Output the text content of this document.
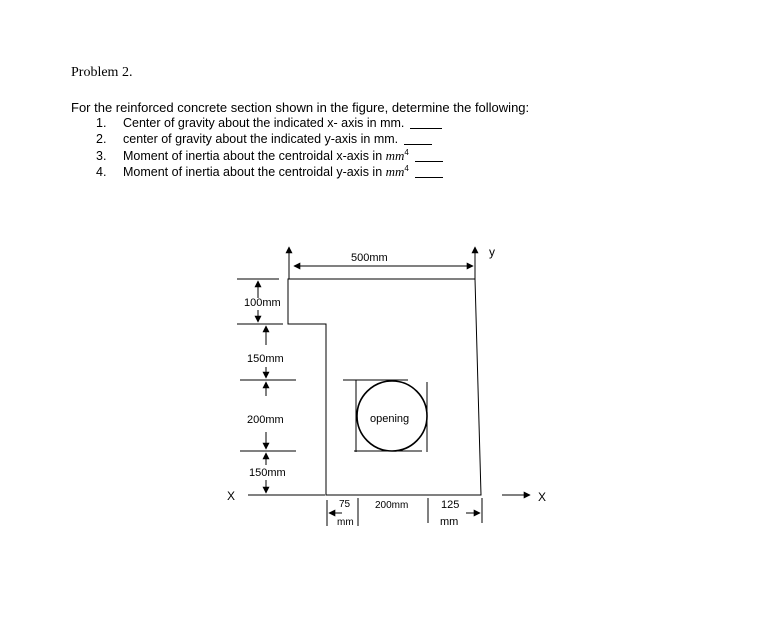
Problem 2.
For the reinforced concrete section shown in the figure, determine the following:
1. Center of gravity about the indicated x- axis in mm.
2. center of gravity about the indicated y-axis in mm.
3. Moment of inertia about the centroidal x-axis in $mm^4$
4. Moment of inertia about the centroidal y-axis in $mm^4$
500mm
100mm
150mm
200mm
150mm
opening
75
mm
200mm	125
mm
X	X
y
